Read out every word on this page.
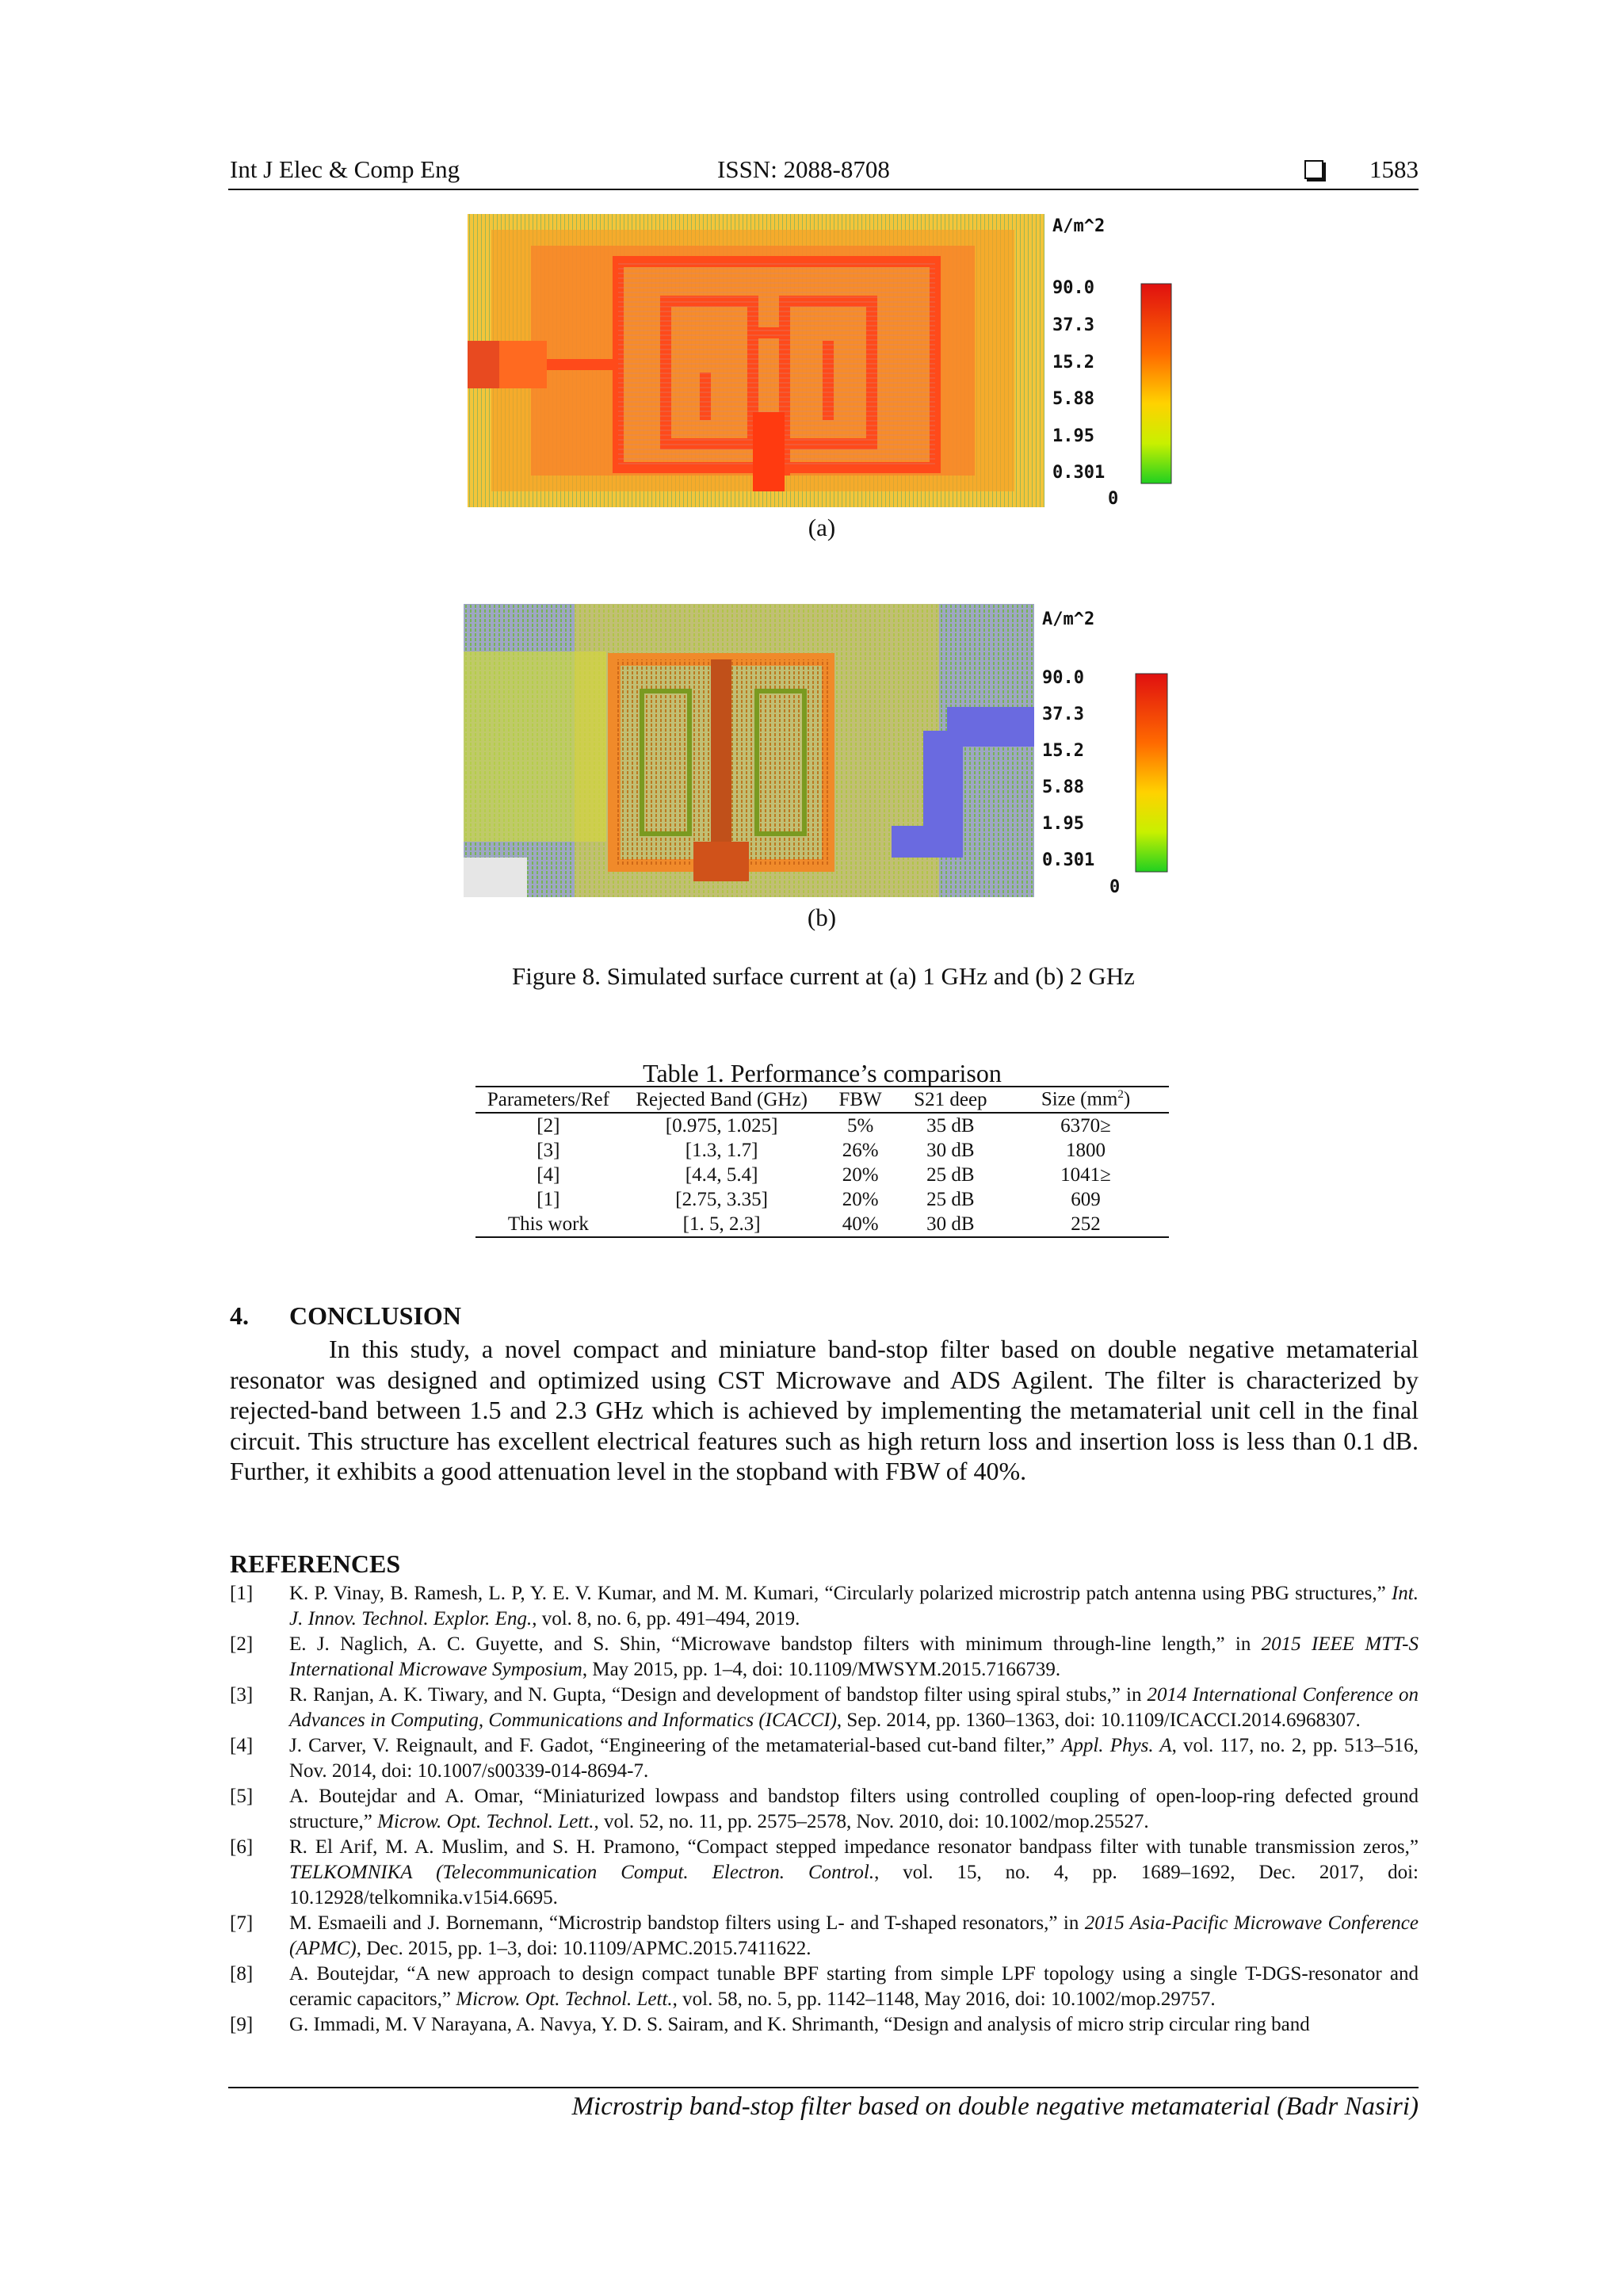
Int J Elec & Comp Eng	ISSN: 2088-8708	1583
A/m^2
90.0
37.3
15.2
5.88
1.95
0.301
0
(a)
A/m^2
90.0
37.3
15.2
5.88
1.95
0.301
0
(b)
Figure 8. Simulated surface current at (a) 1 GHz and (b) 2 GHz
Table 1. Performance’s comparison
Parameters/Ref	Rejected Band (GHz)	FBW	S21 deep	Size $(mm^2)$
[2]	[0.975, 1.025]	5%	35 dB	6370≥
[3]	[1.3, 1.7]	26%	30 dB	1800
[4]	[4.4, 5.4]	20%	25 dB	1041≥
[1]	[2.75, 3.35]	20%	25 dB	609
This work	[1. 5, 2.3]	40%	30 dB	252
4. CONCLUSION
In this study, a novel compact and miniature band-stop filter based on double negative metamaterial resonator was designed and optimized using CST Microwave and ADS Agilent. The filter is characterized by rejected-band between 1.5 and 2.3 GHz which is achieved by implementing the metamaterial unit cell in the final circuit. This structure has excellent electrical features such as high return loss and insertion loss is less than 0.1 dB. Further, it exhibits a good attenuation level in the stopband with FBW of 40%.
REFERENCES
[1]	K. P. Vinay, B. Ramesh, L. P, Y. E. V. Kumar, and M. M. Kumari, “Circularly polarized microstrip patch antenna using PBG structures,” Int. J. Innov. Technol. Explor. Eng., vol. 8, no. 6, pp. 491–494, 2019.
[2]	E. J. Naglich, A. C. Guyette, and S. Shin, “Microwave bandstop filters with minimum through-line length,” in 2015 IEEE MTT-S International Microwave Symposium, May 2015, pp. 1–4, doi: 10.1109/MWSYM.2015.7166739.
[3]	R. Ranjan, A. K. Tiwary, and N. Gupta, “Design and development of bandstop filter using spiral stubs,” in 2014 International Conference on Advances in Computing, Communications and Informatics (ICACCI), Sep. 2014, pp. 1360–1363, doi: 10.1109/ICACCI.2014.6968307.
[4]	J. Carver, V. Reignault, and F. Gadot, “Engineering of the metamaterial-based cut-band filter,” Appl. Phys. A, vol. 117, no. 2, pp. 513–516, Nov. 2014, doi: 10.1007/s00339-014-8694-7.
[5]	A. Boutejdar and A. Omar, “Miniaturized lowpass and bandstop filters using controlled coupling of open-loop-ring defected ground structure,” Microw. Opt. Technol. Lett., vol. 52, no. 11, pp. 2575–2578, Nov. 2010, doi: 10.1002/mop.25527.
[6]	R. El Arif, M. A. Muslim, and S. H. Pramono, “Compact stepped impedance resonator bandpass filter with tunable transmission zeros,” TELKOMNIKA (Telecommunication Comput. Electron. Control., vol. 15, no. 4, pp. 1689–1692, Dec. 2017, doi: 10.12928/telkomnika.v15i4.6695.
[7]	M. Esmaeili and J. Bornemann, “Microstrip bandstop filters using L- and T-shaped resonators,” in 2015 Asia-Pacific Microwave Conference (APMC), Dec. 2015, pp. 1–3, doi: 10.1109/APMC.2015.7411622.
[8]	A. Boutejdar, “A new approach to design compact tunable BPF starting from simple LPF topology using a single T-DGS-resonator and ceramic capacitors,” Microw. Opt. Technol. Lett., vol. 58, no. 5, pp. 1142–1148, May 2016, doi: 10.1002/mop.29757.
[9]	G. Immadi, M. V Narayana, A. Navya, Y. D. S. Sairam, and K. Shrimanth, “Design and analysis of micro strip circular ring band
Microstrip band-stop filter based on double negative metamaterial (Badr Nasiri)
